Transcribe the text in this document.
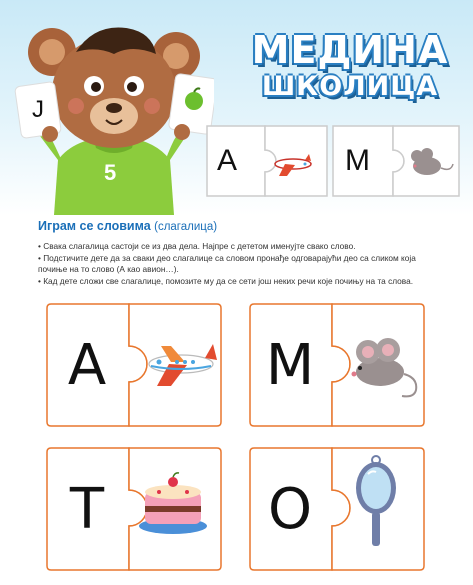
МЕДИНА
ШКОЛИЦА
Ј
5	А	М
Играм се словима (слагалица)

• Свака слагалица састоји се из два дела. Најпре с дететом именујте свако слово.

• Подстичите дете да за сваки део слагалице са словом пронађе одговарајући део са сликом која почиње на то слово (А као авион…).

• Кад дете сложи све слагалице, помозите му да се сети још неких речи које почињу на та слова.

А	М
Т	О
